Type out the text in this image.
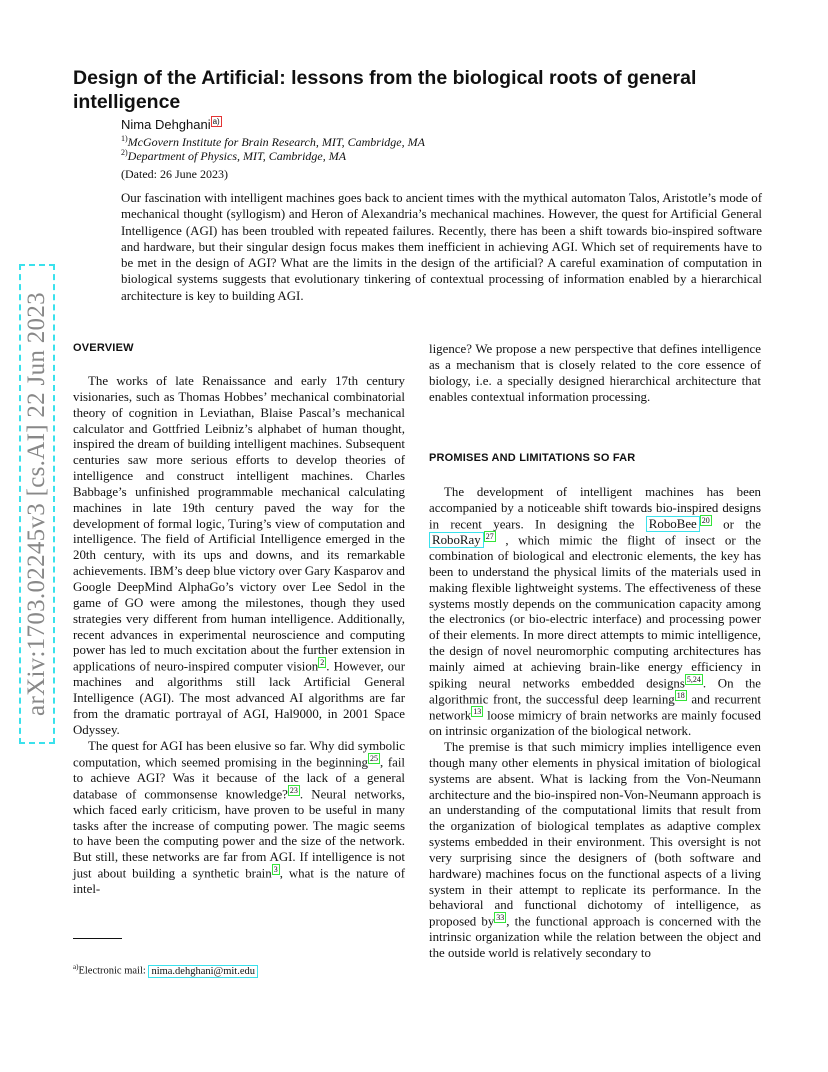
arXiv:1703.02245v3 [cs.AI] 22 Jun 2023
Design of the Artificial: lessons from the biological roots of general intelligence
Nima Dehghani $^{a)}$
$^{1)}$McGovern Institute for Brain Research, MIT, Cambridge, MA
$^{2)}$Department of Physics, MIT, Cambridge, MA
(Dated: 26 June 2023)

Our fascination with intelligent machines goes back to ancient times with the mythical automaton Talos, Aristotle’s mode of mechanical thought (syllogism) and Heron of Alexandria’s mechanical machines. However, the quest for Artificial General Intelligence (AGI) has been troubled with repeated failures. Recently, there has been a shift towards bio-inspired software and hardware, but their singular design focus makes them inefficient in achieving AGI. Which set of requirements have to be met in the design of AGI? What are the limits in the design of the artificial? A careful examination of computation in biological systems suggests that evolutionary tinkering of contextual processing of information enabled by a hierarchical architecture is key to building AGI.

OVERVIEW

The works of late Renaissance and early 17th century visionaries, such as Thomas Hobbes’ mechanical combinatorial theory of cognition in Leviathan, Blaise Pascal’s mechanical calculator and Gottfried Leibniz’s alphabet of human thought, inspired the dream of building intelligent machines. Subsequent centuries saw more serious efforts to develop theories of intelligence and construct intelligent machines. Charles Babbage’s unfinished programmable mechanical calculating machines in late 19th century paved the way for the development of formal logic, Turing’s view of computation and intelligence. The field of Artificial Intelligence emerged in the 20th century, with its ups and downs, and its remarkable achievements. IBM’s deep blue victory over Gary Kasparov and Google DeepMind AlphaGo’s victory over Lee Sedol in the game of GO were among the milestones, though they used strategies very different from human intelligence. Additionally, recent advances in experimental neuroscience and computing power has led to much excitation about the further extension in applications of neuro-inspired computer vision $^2$ . However, our machines and algorithms still lack Artificial General Intelligence (AGI). The most advanced AI algorithms are far from the dramatic portrayal of AGI, Hal9000, in 2001 Space Odyssey.

The quest for AGI has been elusive so far. Why did symbolic computation, which seemed promising in the beginning $^{25}$ , fail to achieve AGI? Was it because of the lack of a general database of commonsense knowledge? $^{23}$ . Neural networks, which faced early criticism, have proven to be useful in many tasks after the increase of computing power. The magic seems to have been the computing power and the size of the network. But still, these networks are far from AGI. If intelligence is not just about building a synthetic brain $^3$ , what is the nature of intel-

$^{a)}$Electronic mail: nima.dehghani@mit.edu

ligence? We propose a new perspective that defines intelligence as a mechanism that is closely related to the core essence of biology, i.e. a specially designed hierarchical architecture that enables contextual information processing.

PROMISES AND LIMITATIONS SO FAR

The development of intelligent machines has been accompanied by a noticeable shift towards bio-inspired designs in recent years. In designing the RoboBee $^{20}$ or the RoboRay $^{27}$ , which mimic the flight of insect or the combination of biological and electronic elements, the key has been to understand the physical limits of the materials used in making flexible lightweight systems. The effectiveness of these systems mostly depends on the communication capacity among the electronics (or bio-electric interface) and processing power of their elements. In more direct attempts to mimic intelligence, the design of novel neuromorphic computing architectures has mainly aimed at achieving brain-like energy efficiency in spiking neural networks embedded designs $^{5,24}$ . On the algorithmic front, the successful deep learning $^{18}$ and recurrent network $^{13}$ loose mimicry of brain networks are mainly focused on intrinsic organization of the biological network.

The premise is that such mimicry implies intelligence even though many other elements in physical imitation of biological systems are absent. What is lacking from the Von-Neumann architecture and the bio-inspired non-Von-Neumann approach is an understanding of the computational limits that result from the organization of biological templates as adaptive complex systems embedded in their environment. This oversight is not very surprising since the designers of (both software and hardware) machines focus on the functional aspects of a living system in their attempt to replicate its performance. In the behavioral and functional dichotomy of intelligence, as proposed by $^{33}$ , the functional approach is concerned with the intrinsic organization while the relation between the object and the outside world is relatively secondary to
